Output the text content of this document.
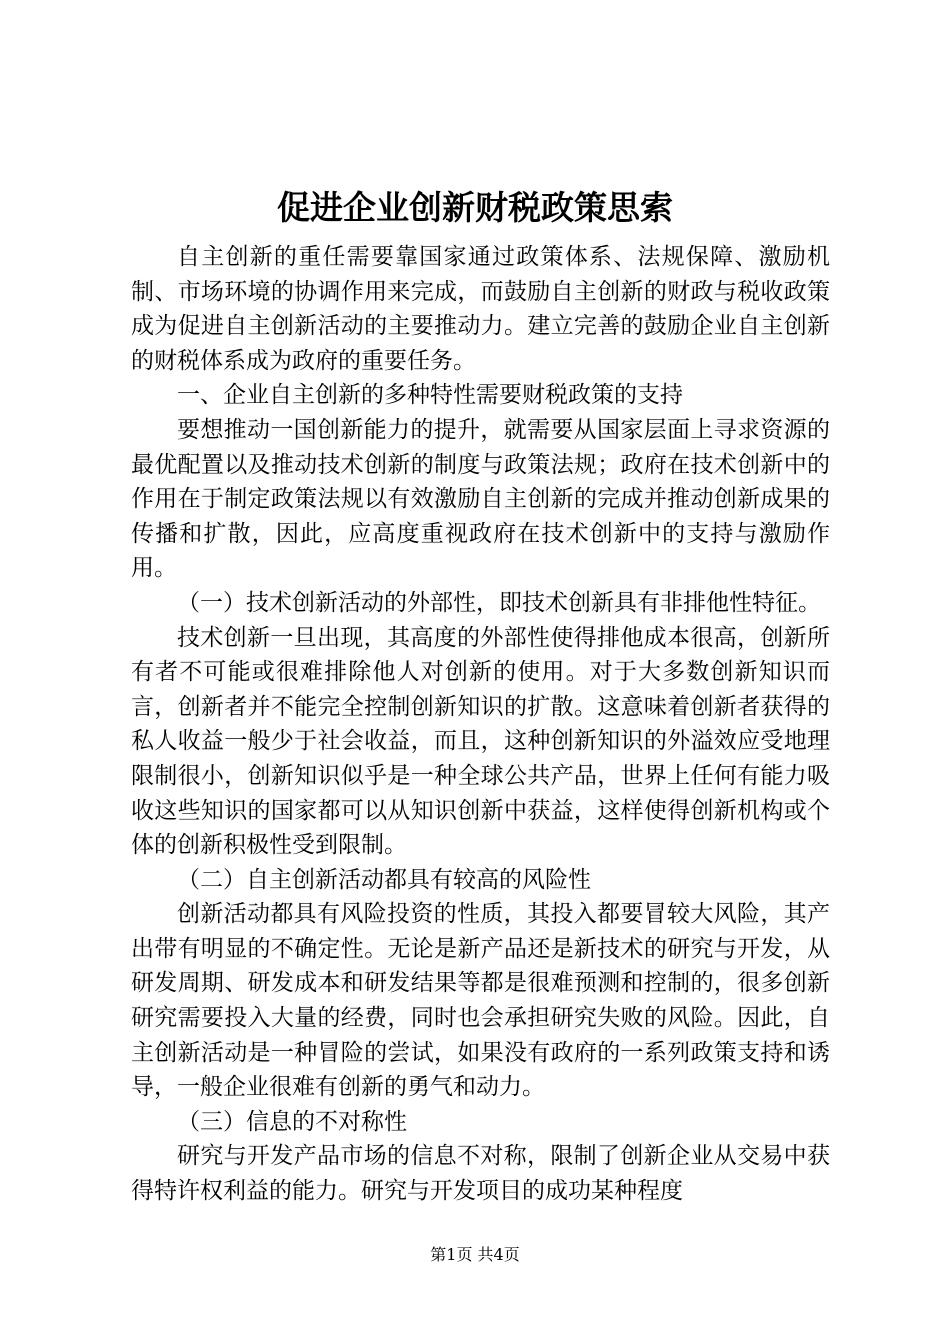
促进企业创新财税政策思索

自主创新的重任需要靠国家通过政策体系、法规保障、激励机制、市场环境的协调作用来完成，而鼓励自主创新的财政与税收政策成为促进自主创新活动的主要推动力。建立完善的鼓励企业自主创新的财税体系成为政府的重要任务。

一、企业自主创新的多种特性需要财税政策的支持

要想推动一国创新能力的提升，就需要从国家层面上寻求资源的最优配置以及推动技术创新的制度与政策法规；政府在技术创新中的作用在于制定政策法规以有效激励自主创新的完成并推动创新成果的传播和扩散，因此，应高度重视政府在技术创新中的支持与激励作用。

（一）技术创新活动的外部性，即技术创新具有非排他性特征。

技术创新一旦出现，其高度的外部性使得排他成本很高，创新所有者不可能或很难排除他人对创新的使用。对于大多数创新知识而言，创新者并不能完全控制创新知识的扩散。这意味着创新者获得的私人收益一般少于社会收益，而且，这种创新知识的外溢效应受地理限制很小，创新知识似乎是一种全球公共产品，世界上任何有能力吸收这些知识的国家都可以从知识创新中获益，这样使得创新机构或个体的创新积极性受到限制。

（二）自主创新活动都具有较高的风险性

创新活动都具有风险投资的性质，其投入都要冒较大风险，其产出带有明显的不确定性。无论是新产品还是新技术的研究与开发，从研发周期、研发成本和研发结果等都是很难预测和控制的，很多创新研究需要投入大量的经费，同时也会承担研究失败的风险。因此，自主创新活动是一种冒险的尝试，如果没有政府的一系列政策支持和诱导，一般企业很难有创新的勇气和动力。

（三）信息的不对称性

研究与开发产品市场的信息不对称，限制了创新企业从交易中获得特许权利益的能力。研究与开发项目的成功某种程度

第1页 共4页
